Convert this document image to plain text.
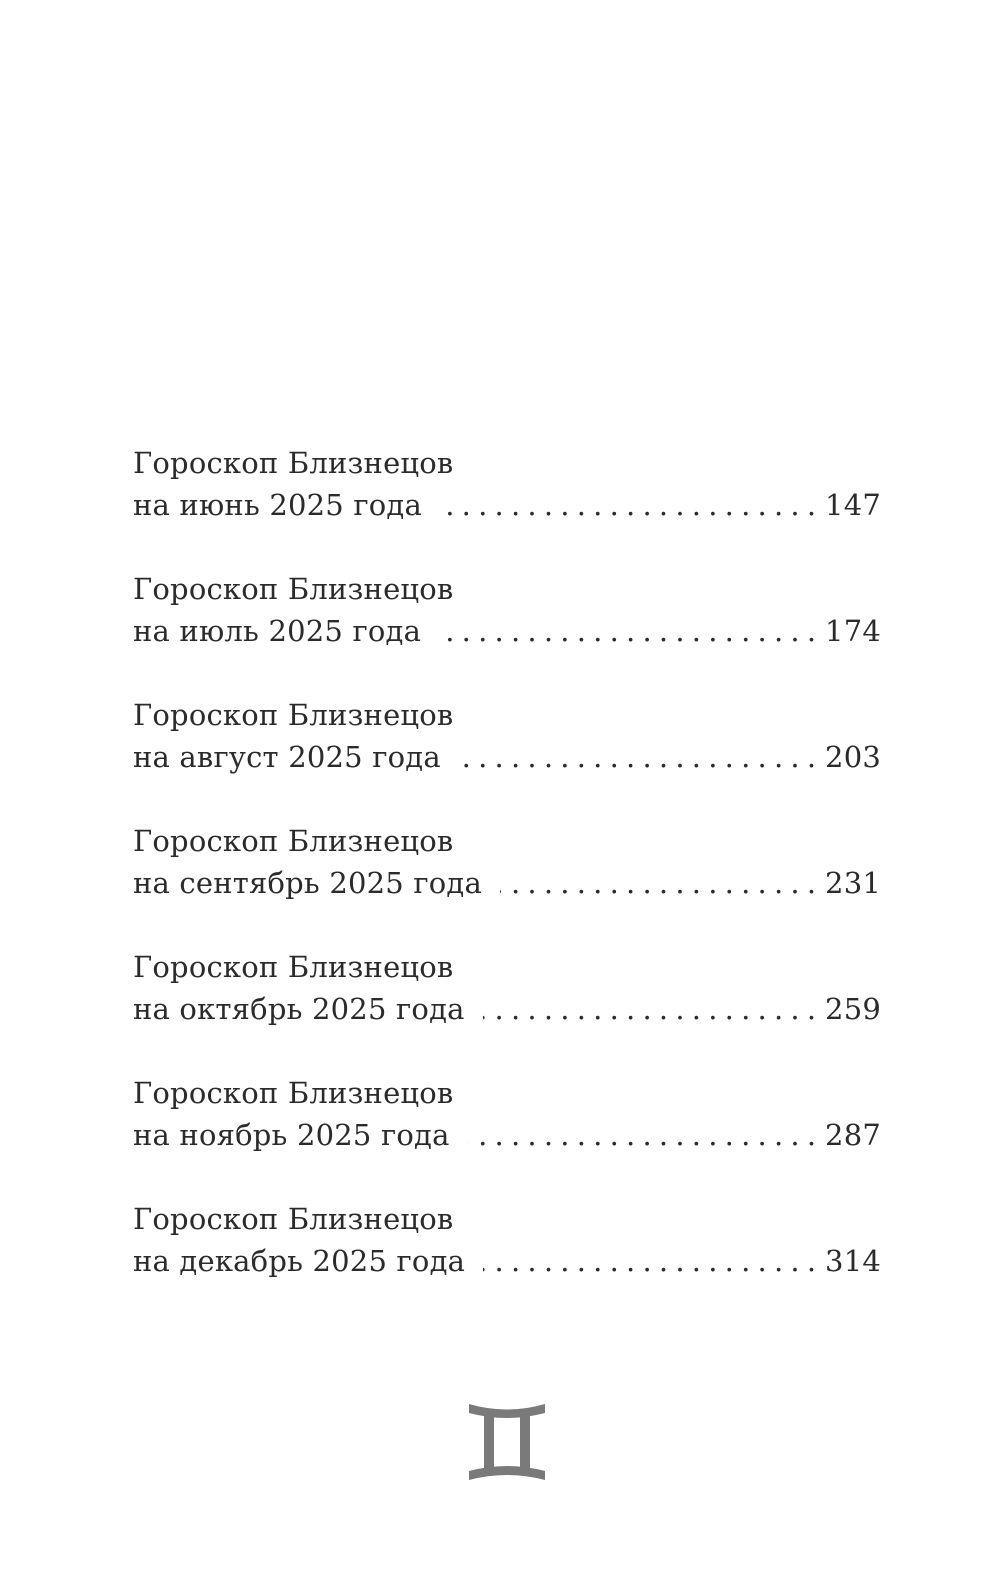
Гороскоп Близнецов
на июнь 2025 года . . .	147
Гороскоп Близнецов
на июль 2025 года . . .	174
Гороскоп Близнецов
на август 2025 года . . .	203
Гороскоп Близнецов
на сентябрь 2025 года . . .	231
Гороскоп Близнецов
на октябрь 2025 года . . .	259
Гороскоп Близнецов
на ноябрь 2025 года . . .	287
Гороскоп Близнецов
на декабрь 2025 года . . .	314
